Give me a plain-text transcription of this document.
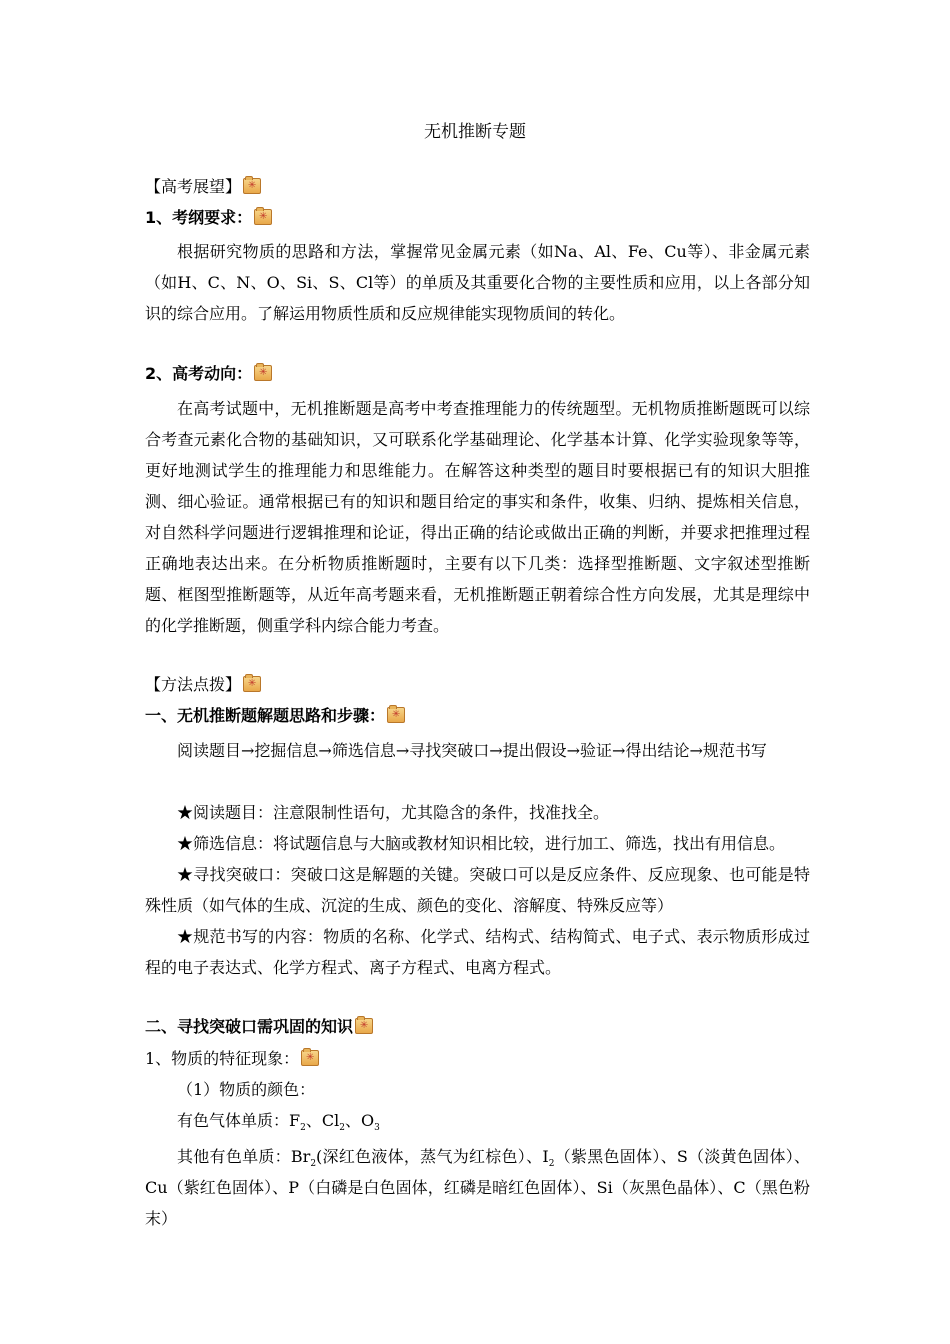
无机推断专题
【高考展望】✳
1、考纲要求：✳
根据研究物质的思路和方法，掌握常见金属元素（如Na、Al、Fe、Cu等）、非金属元素（如H、C、N、O、Si、S、Cl等）的单质及其重要化合物的主要性质和应用，以上各部分知识的综合应用。了解运用物质性质和反应规律能实现物质间的转化。
2、高考动向：✳
在高考试题中，无机推断题是高考中考查推理能力的传统题型。无机物质推断题既可以综合考查元素化合物的基础知识，又可联系化学基础理论、化学基本计算、化学实验现象等等，更好地测试学生的推理能力和思维能力。在解答这种类型的题目时要根据已有的知识大胆推测、细心验证。通常根据已有的知识和题目给定的事实和条件，收集、归纳、提炼相关信息，对自然科学问题进行逻辑推理和论证，得出正确的结论或做出正确的判断，并要求把推理过程正确地表达出来。在分析物质推断题时，主要有以下几类：选择型推断题、文字叙述型推断题、框图型推断题等，从近年高考题来看，无机推断题正朝着综合性方向发展，尤其是理综中的化学推断题，侧重学科内综合能力考查。
【方法点拨】✳
一、无机推断题解题思路和步骤：✳
阅读题目→挖掘信息→筛选信息→寻找突破口→提出假设→验证→得出结论→规范书写
★阅读题目：注意限制性语句，尤其隐含的条件，找准找全。
★筛选信息：将试题信息与大脑或教材知识相比较，进行加工、筛选，找出有用信息。
★寻找突破口：突破口这是解题的关键。突破口可以是反应条件、反应现象、也可能是特殊性质（如气体的生成、沉淀的生成、颜色的变化、溶解度、特殊反应等）
★规范书写的内容：物质的名称、化学式、结构式、结构简式、电子式、表示物质形成过程的电子表达式、化学方程式、离子方程式、电离方程式。
二、寻找突破口需巩固的知识✳
1、物质的特征现象：✳
（1）物质的颜色：
有色气体单质：$F_2$、$Cl_2$、$O_3$
其他有色单质：$Br_2$(深红色液体，蒸气为红棕色）、$I_2$（紫黑色固体）、S（淡黄色固体）、Cu（紫红色固体）、P（白磷是白色固体，红磷是暗红色固体）、Si（灰黑色晶体）、C（黑色粉末）
